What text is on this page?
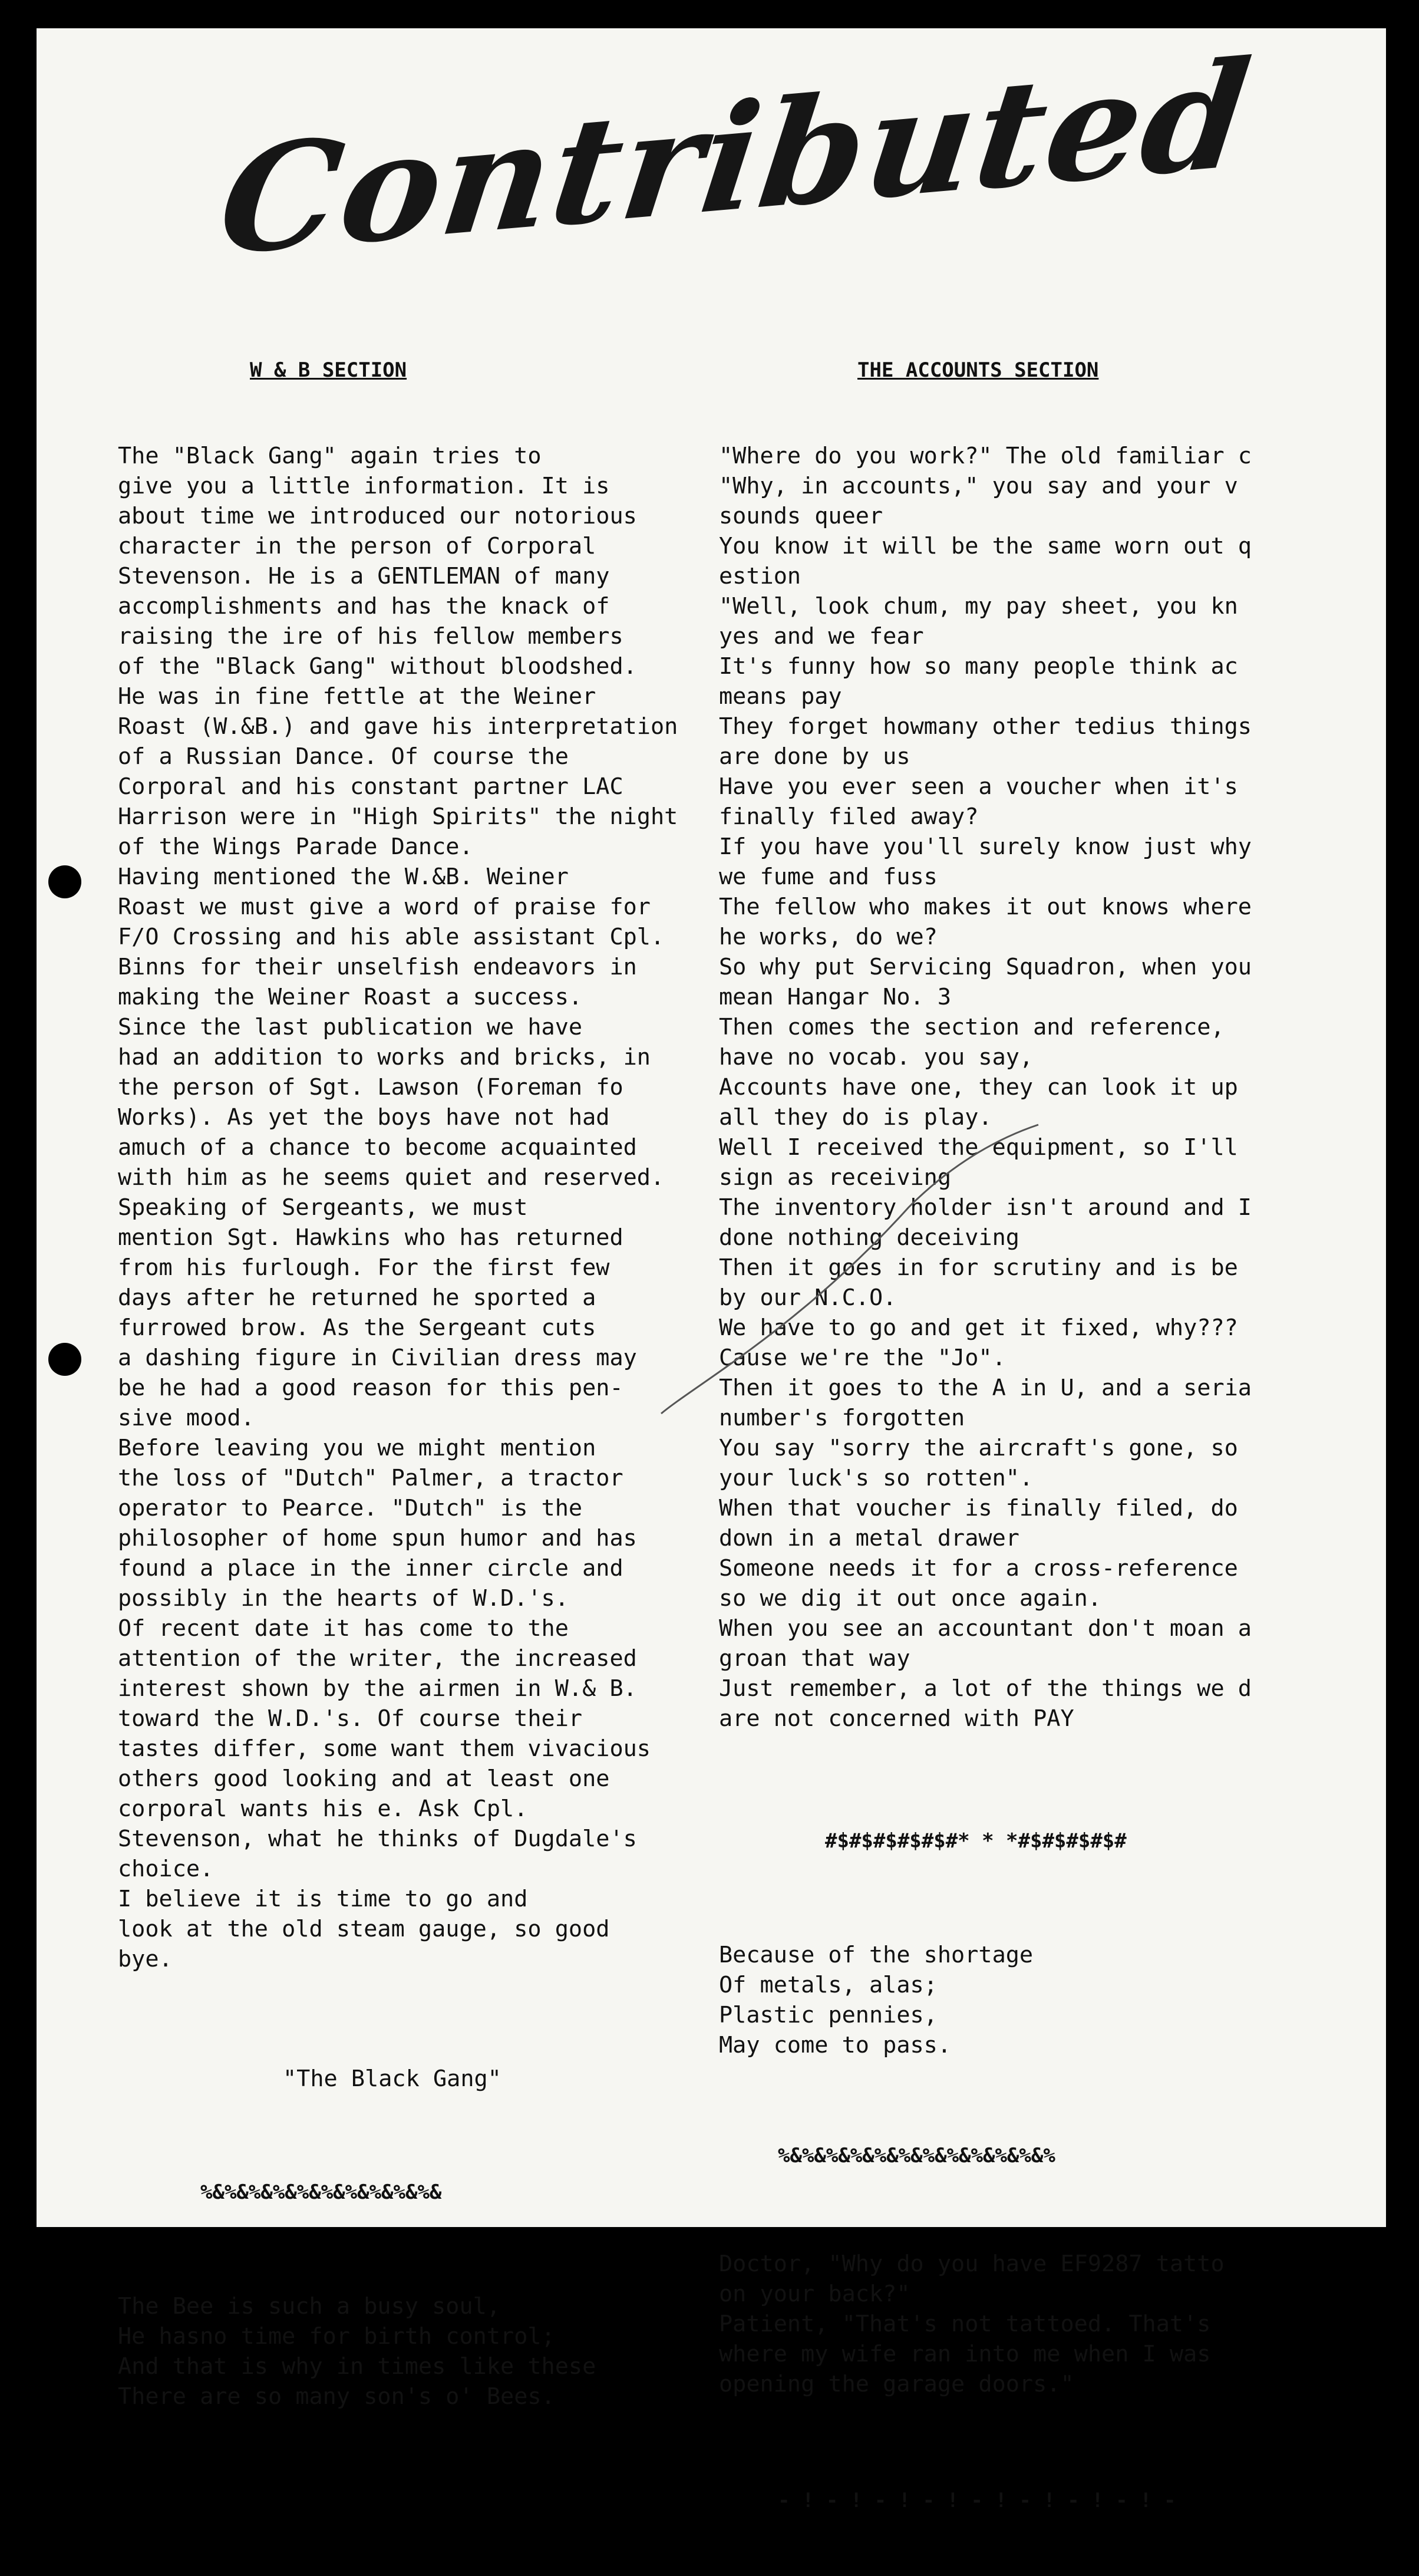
Contributed
W & B SECTION	THE ACCOUNTS SECTION

The "Black Gang" again tries to
give you a little information. It is
about time we introduced our notorious
character in the person of Corporal
Stevenson. He is a GENTLEMAN of many
accomplishments and has the knack of
raising the ire of his fellow members
of the "Black Gang" without bloodshed.
He was in fine fettle at the Weiner
Roast (W.&B.) and gave his interpretation
of a Russian Dance. Of course the
Corporal and his constant partner LAC
Harrison were in "High Spirits" the night
of the Wings Parade Dance.
Having mentioned the W.&B. Weiner
Roast we must give a word of praise for
F/O Crossing and his able assistant Cpl.
Binns for their unselfish endeavors in
making the Weiner Roast a success.
Since the last publication we have
had an addition to works and bricks, in
the person of Sgt. Lawson (Foreman fo
Works). As yet the boys have not had
amuch of a chance to become acquainted
with him as he seems quiet and reserved.
Speaking of Sergeants, we must
mention Sgt. Hawkins who has returned
from his furlough. For the first few
days after he returned he sported a
furrowed brow. As the Sergeant cuts
a dashing figure in Civilian dress may
be he had a good reason for this pen-
sive mood.
Before leaving you we might mention
the loss of "Dutch" Palmer, a tractor
operator to Pearce. "Dutch" is the
philosopher of home spun humor and has
found a place in the inner circle and
possibly in the hearts of W.D.'s.
Of recent date it has come to the
attention of the writer, the increased
interest shown by the airmen in W.& B.
toward the W.D.'s. Of course their
tastes differ, some want them vivacious
others good looking and at least one
corporal wants his e. Ask Cpl.
Stevenson, what he thinks of Dugdale's
choice.
I believe it is time to go and
look at the old steam gauge, so good
bye.

"The Black Gang"

%&%&%&%&%&%&%&%&%&%&

The Bee is such a busy soul,
He hasno time for birth control;
And that is why in times like these
There are so many son's o' Bees.

"Where do you work?" The old familiar c
"Why, in accounts," you say and your v
sounds queer
You know it will be the same worn out q
estion
"Well, look chum, my pay sheet, you kn
yes and we fear
It's funny how so many people think ac
means pay
They forget howmany other tedius things
are done by us
Have you ever seen a voucher when it's
finally filed away?
If you have you'll surely know just why
we fume and fuss
The fellow who makes it out knows where
he works, do we?
So why put Servicing Squadron, when you
mean Hangar No. 3
Then comes the section and reference,
have no vocab. you say,
Accounts have one, they can look it up
all they do is play.
Well I received the equipment, so I'll
sign as receiving
The inventory holder isn't around and I
done nothing deceiving
Then it goes in for scrutiny and is be
by our N.C.O.
We have to go and get it fixed, why???
Cause we're the "Jo".
Then it goes to the A in U, and a seria
number's forgotten
You say "sorry the aircraft's gone, so
your luck's so rotten".
When that voucher is finally filed, do
down in a metal drawer
Someone needs it for a cross-reference
so we dig it out once again.
When you see an accountant don't moan a
groan that way
Just remember, a lot of the things we d
are not concerned with PAY

#$#$#$#$#$#* * *#$#$#$#$#

Because of the shortage
Of metals, alas;
Plastic pennies,
May come to pass.

%&%&%&%&%&%&%&%&%&%&%&%

Doctor, "Why do you have EF9287 tatto
on your back?"
Patient, "That's not tattoed. That's
where my wife ran into me when I was
opening the garage doors."

- ! - ! - ! - ! - ! - ! - ! - ! -
